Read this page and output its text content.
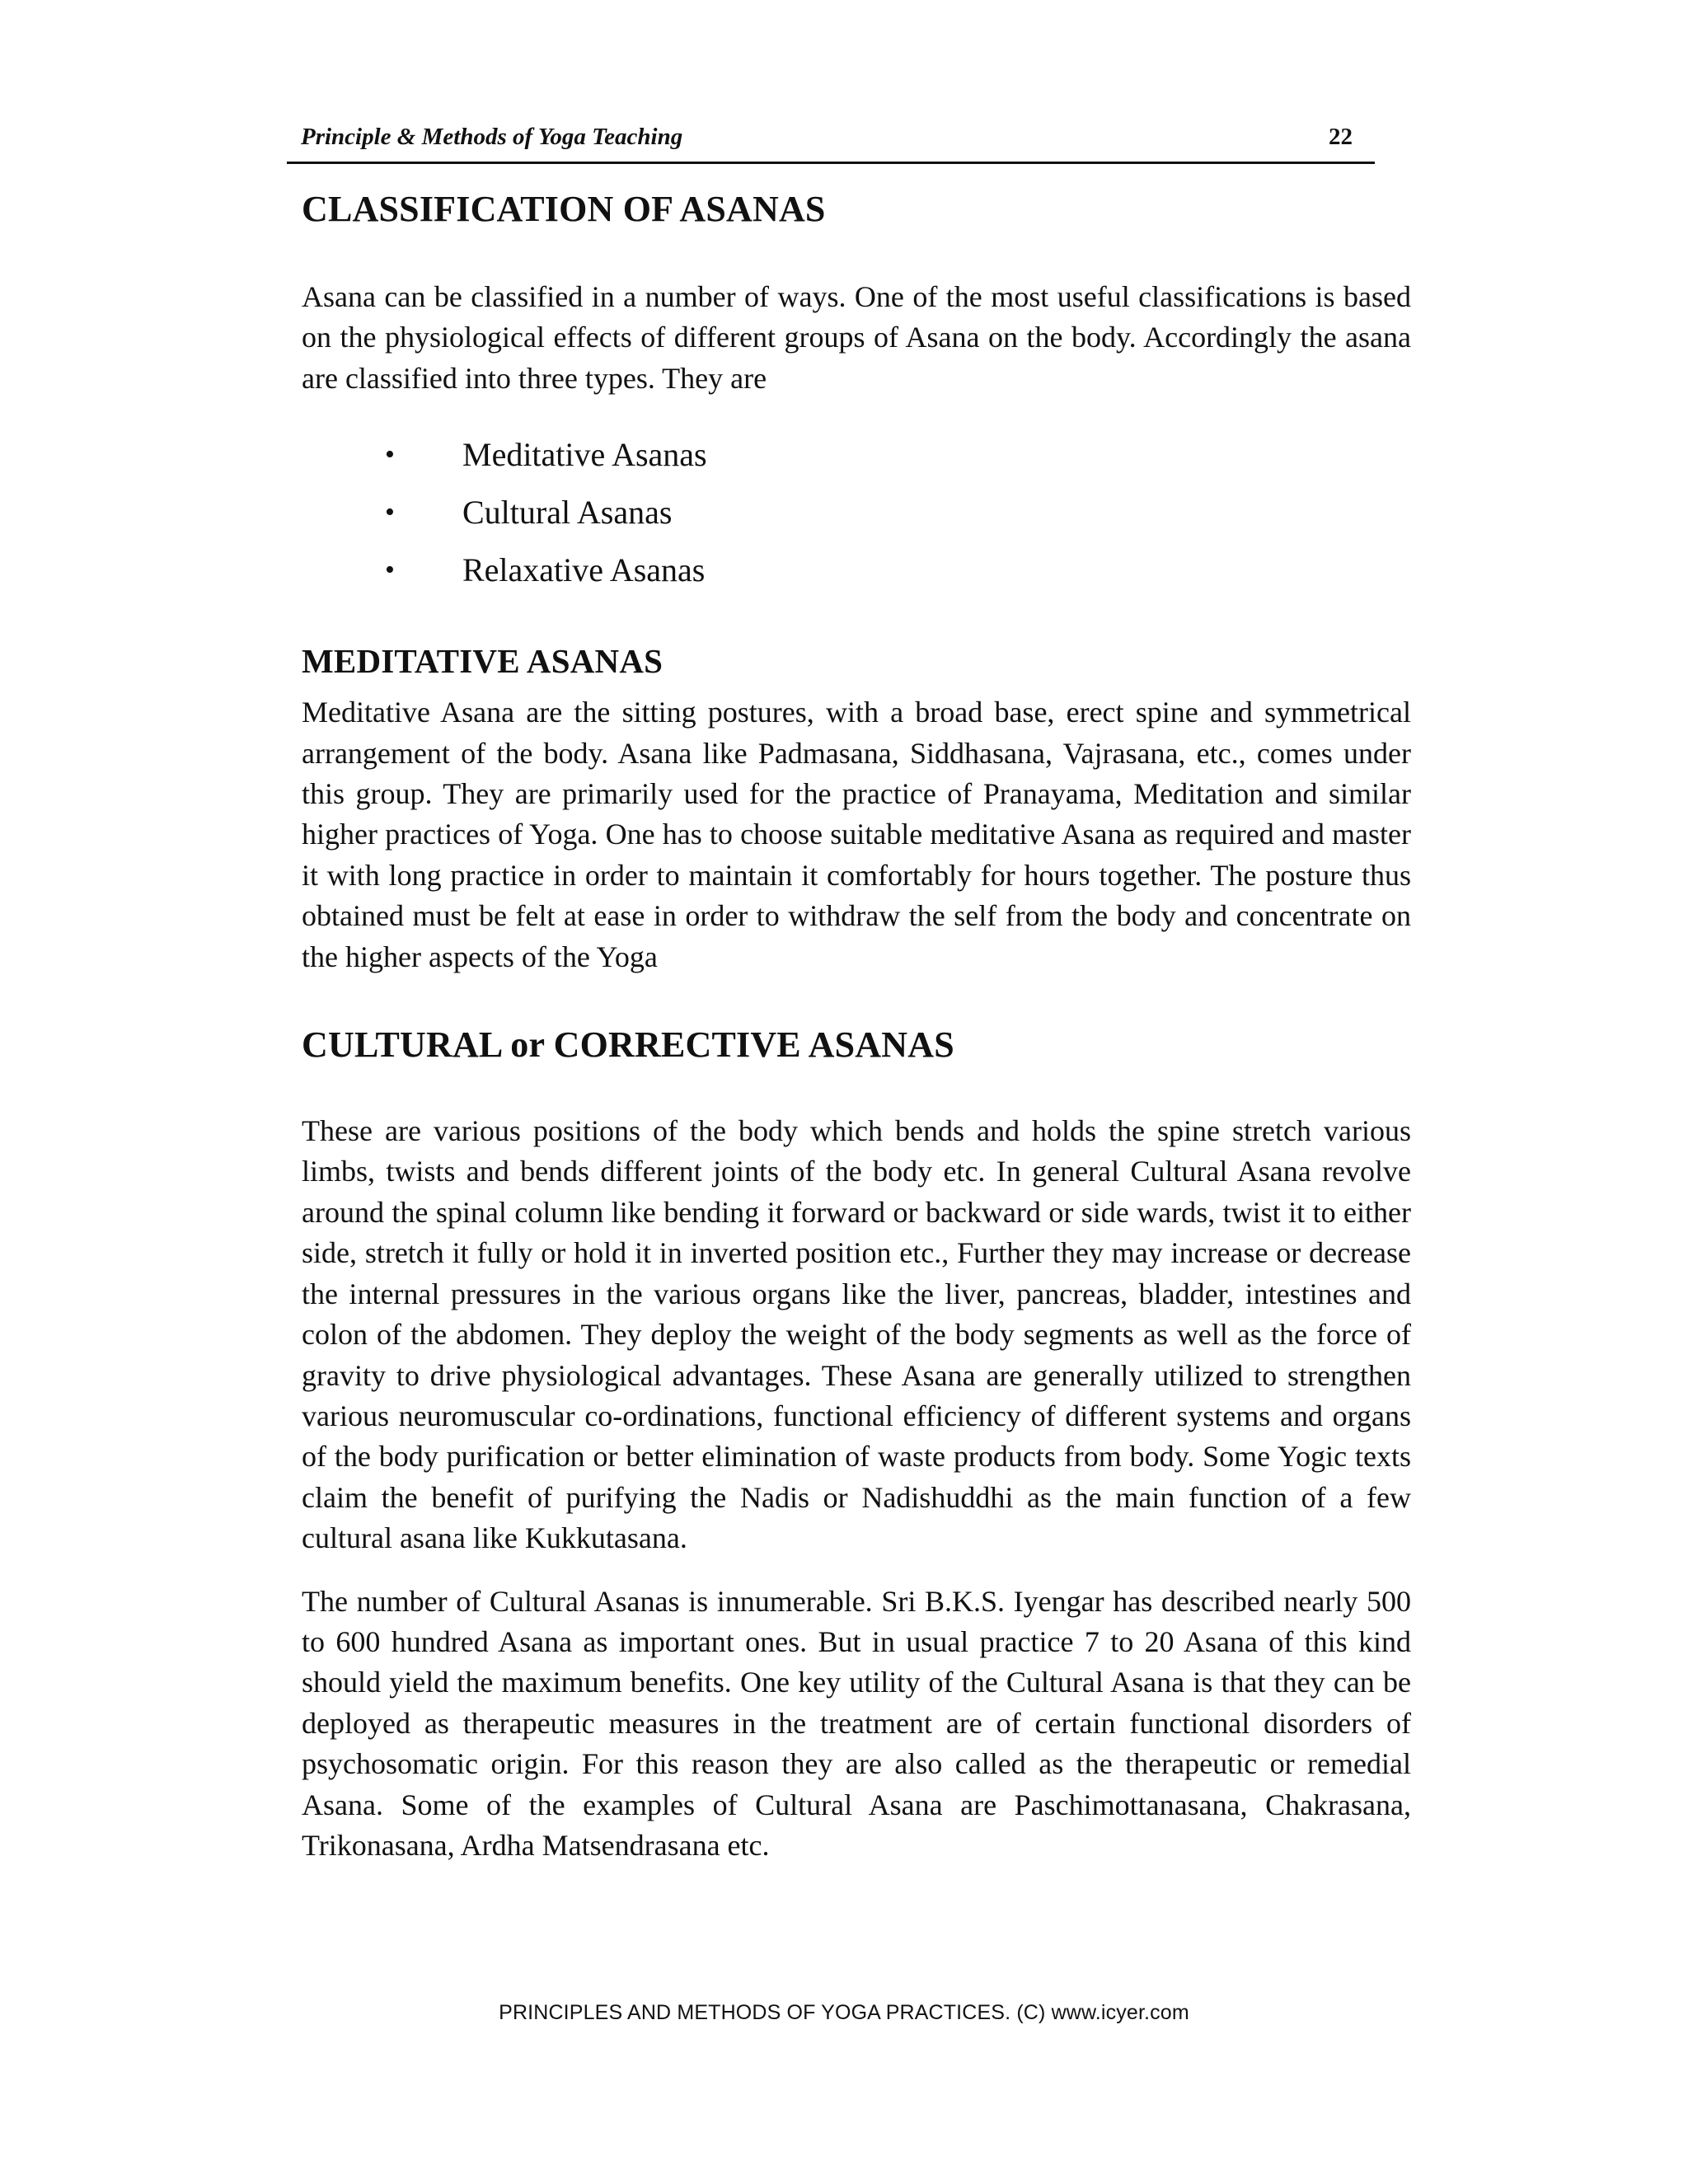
Principle & Methods of Yoga Teaching	22
CLASSIFICATION OF ASANAS

Asana can be classified in a number of ways. One of the most useful classifications is based on the physiological effects of different groups of Asana on the body. Accordingly the asana are classified into three types. They are

• Meditative Asanas
• Cultural Asanas
• Relaxative Asanas
MEDITATIVE ASANAS

Meditative Asana are the sitting postures, with a broad base, erect spine and symmetrical arrangement of the body. Asana like Padmasana, Siddhasana, Vajrasana, etc., comes under this group. They are primarily used for the practice of Pranayama, Meditation and similar higher practices of Yoga. One has to choose suitable meditative Asana as required and master it with long practice in order to maintain it comfortably for hours together. The posture thus obtained must be felt at ease in order to withdraw the self from the body and concentrate on the higher aspects of the Yoga

CULTURAL or CORRECTIVE ASANAS

These are various positions of the body which bends and holds the spine stretch various limbs, twists and bends different joints of the body etc. In general Cultural Asana revolve around the spinal column like bending it forward or backward or side wards, twist it to either side, stretch it fully or hold it in inverted position etc., Further they may increase or decrease the internal pressures in the various organs like the liver, pancreas, bladder, intestines and colon of the abdomen. They deploy the weight of the body segments as well as the force of gravity to drive physiological advantages. These Asana are generally utilized to strengthen various neuromuscular co-ordinations, functional efficiency of different systems and organs of the body purification or better elimination of waste products from body. Some Yogic texts claim the benefit of purifying the Nadis or Nadishuddhi as the main function of a few cultural asana like Kukkutasana.

The number of Cultural Asanas is innumerable. Sri B.K.S. Iyengar has described nearly 500 to 600 hundred Asana as important ones. But in usual practice 7 to 20 Asana of this kind should yield the maximum benefits. One key utility of the Cultural Asana is that they can be deployed as therapeutic measures in the treatment are of certain functional disorders of psychosomatic origin. For this reason they are also called as the therapeutic or remedial Asana. Some of the examples of Cultural Asana are Paschimottanasana, Chakrasana, Trikonasana, Ardha Matsendrasana etc.

PRINCIPLES AND METHODS OF YOGA PRACTICES. (C) www.icyer.com
